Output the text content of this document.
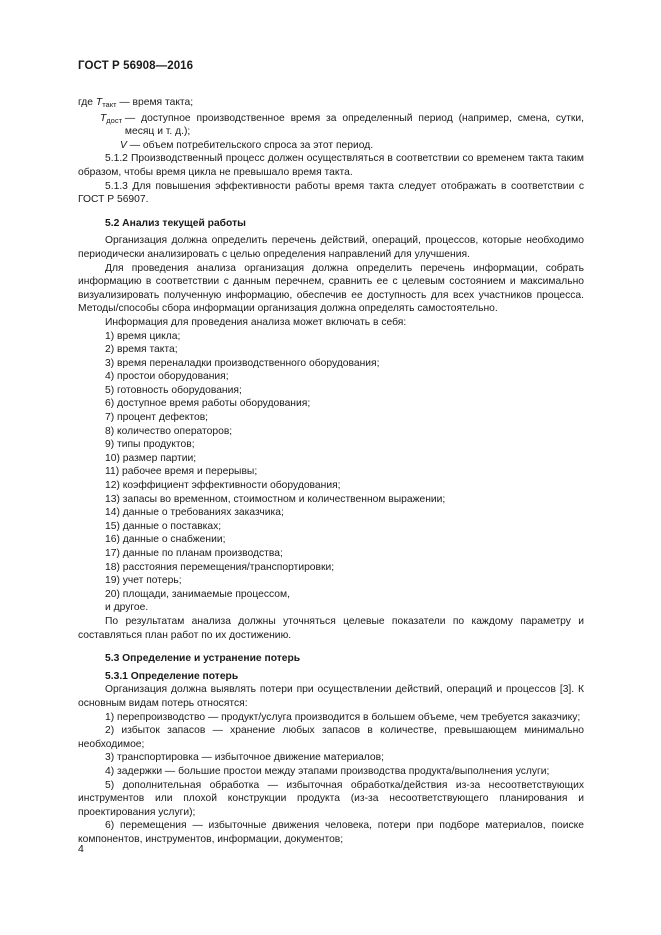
ГОСТ Р 56908—2016
где $T_{такт}$ — время такта;
$T_{дост}$ — доступное производственное время за определенный период (например, смена, сутки, месяц и т. д.);
V — объем потребительского спроса за этот период.

5.1.2 Производственный процесс должен осуществляться в соответствии со временем такта таким образом, чтобы время цикла не превышало время такта.

5.1.3 Для повышения эффективности работы время такта следует отображать в соответствии с ГОСТ Р 56907.

5.2 Анализ текущей работы

Организация должна определить перечень действий, операций, процессов, которые необходимо периодически анализировать с целью определения направлений для улучшения.

Для проведения анализа организация должна определить перечень информации, собрать информацию в соответствии с данным перечнем, сравнить ее с целевым состоянием и максимально визуализировать полученную информацию, обеспечив ее доступность для всех участников процесса. Методы/способы сбора информации организация должна определять самостоятельно.

Информация для проведения анализа может включать в себя:

1) время цикла;

2) время такта;

3) время переналадки производственного оборудования;

4) простои оборудования;

5) готовность оборудования;

6) доступное время работы оборудования;

7) процент дефектов;

8) количество операторов;

9) типы продуктов;

10) размер партии;

11) рабочее время и перерывы;

12) коэффициент эффективности оборудования;

13) запасы во временном, стоимостном и количественном выражении;

14) данные о требованиях заказчика;

15) данные о поставках;

16) данные о снабжении;

17) данные по планам производства;

18) расстояния перемещения/транспортировки;

19) учет потерь;

20) площади, занимаемые процессом,

и другое.

По результатам анализа должны уточняться целевые показатели по каждому параметру и составляться план работ по их достижению.

5.3 Определение и устранение потерь

5.3.1 Определение потерь

Организация должна выявлять потери при осуществлении действий, операций и процессов [3]. К основным видам потерь относятся:

1) перепроизводство — продукт/услуга производится в большем объеме, чем требуется заказчику;

2) избыток запасов — хранение любых запасов в количестве, превышающем минимально необходимое;

3) транспортировка — избыточное движение материалов;

4) задержки — большие простои между этапами производства продукта/выполнения услуги;

5) дополнительная обработка — избыточная обработка/действия из-за несоответствующих инструментов или плохой конструкции продукта (из-за несоответствующего планирования и проектирования услуги);

6) перемещения — избыточные движения человека, потери при подборе материалов, поиске компонентов, инструментов, информации, документов;

4
